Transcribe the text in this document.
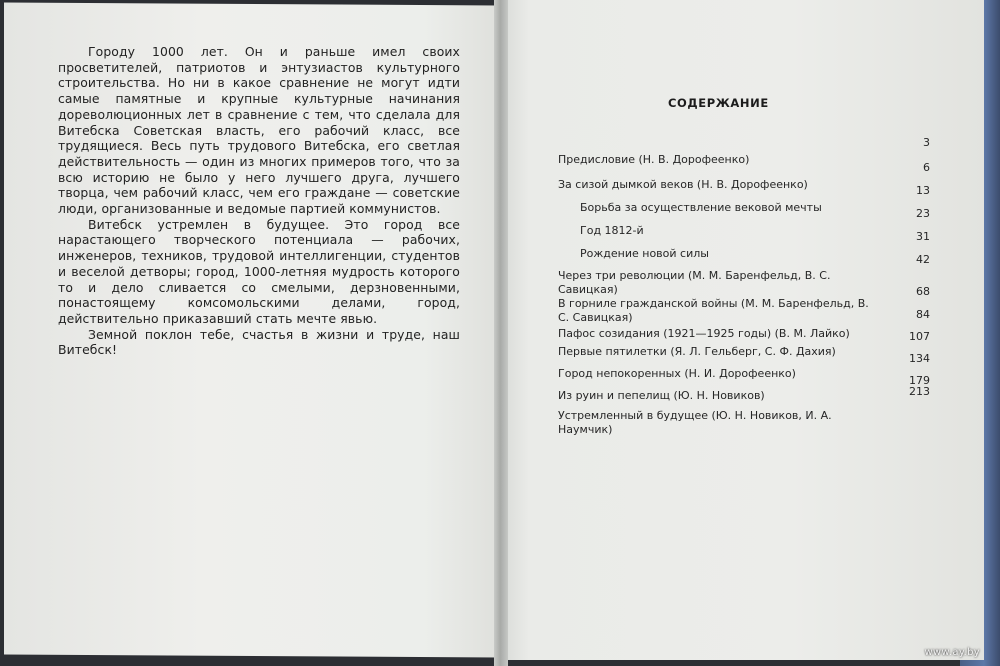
Городу 1000 лет. Он и раньше имел своих просветителей, патриотов и энтузиастов культурного строительства. Но ни в какое сравнение не могут идти самые памятные и крупные культурные начинания дореволюционных лет в сравнение с тем, что сделала для Витебска Советская власть, его рабочий класс, все трудящиеся. Весь путь трудового Витебска, его светлая действительность — один из многих примеров того, что за всю историю не было у него лучшего друга, лучшего творца, чем рабочий класс, чем его граждане — советские люди, организованные и ведомые партией коммунистов.

Витебск устремлен в будущее. Это город все нарастающего творческого потенциала — рабочих, инженеров, техников, трудовой интеллигенции, студентов и веселой детворы; город, 1000-летняя мудрость которого то и дело сливается со смелыми, дерзновенными, понастоящему комсомольскими делами, город, действительно приказавший стать мечте явью.

Земной поклон тебе, счастья в жизни и труде, наш Витебск!

СОДЕРЖАНИЕ
Предисловие (Н. В. Дорофеенко)
3
За сизой дымкой веков (Н. В. Дорофеенко)
6
Борьба за осуществление вековой мечты
13
Год 1812-й
23
Рождение новой силы
31
Через три революции (М. М. Баренфельд, В. С. Савицкая)
42
В горниле гражданской войны (М. М. Баренфельд, В. С. Савицкая)
68
Пафос созидания (1921—1925 годы) (В. М. Лайко)
84
Первые пятилетки (Я. Л. Гельберг, С. Ф. Дахия)
107
Город непокоренных (Н. И. Дорофеенко)
134
Из руин и пепелищ (Ю. Н. Новиков)
179
Устремленный в будущее (Ю. Н. Новиков, И. А. Наумчик)
213
www.ay.by
